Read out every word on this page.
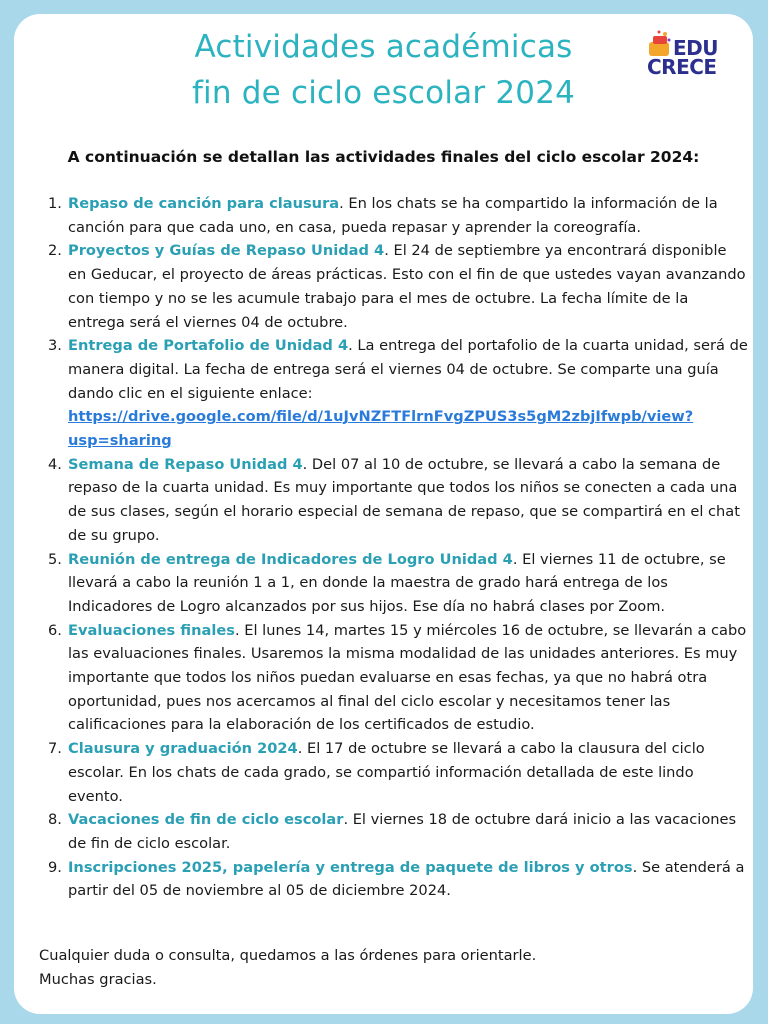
Actividades académicas
fin de ciclo escolar 2024
EDU
CRECE
A continuación se detallan las actividades finales del ciclo escolar 2024:
1. Repaso de canción para clausura. En los chats se ha compartido la información de la canción para que cada uno, en casa, pueda repasar y aprender la coreografía.
2. Proyectos y Guías de Repaso Unidad 4. El 24 de septiembre ya encontrará disponible en Geducar, el proyecto de áreas prácticas. Esto con el fin de que ustedes vayan avanzando con tiempo y no se les acumule trabajo para el mes de octubre. La fecha límite de la entrega será el viernes 04 de octubre.
3. Entrega de Portafolio de Unidad 4. La entrega del portafolio de la cuarta unidad, será de manera digital. La fecha de entrega será el viernes 04 de octubre. Se comparte una guía dando clic en el siguiente enlace:
https://drive.google.com/file/d/1uJvNZFTFlrnFvgZPUS3s5gM2zbjIfwpb/view?
usp=sharing
4. Semana de Repaso Unidad 4. Del 07 al 10 de octubre, se llevará a cabo la semana de repaso de la cuarta unidad. Es muy importante que todos los niños se conecten a cada una de sus clases, según el horario especial de semana de repaso, que se compartirá en el chat de su grupo.
5. Reunión de entrega de Indicadores de Logro Unidad 4. El viernes 11 de octubre, se llevará a cabo la reunión 1 a 1, en donde la maestra de grado hará entrega de los Indicadores de Logro alcanzados por sus hijos. Ese día no habrá clases por Zoom.
6. Evaluaciones finales. El lunes 14, martes 15 y miércoles 16 de octubre, se llevarán a cabo las evaluaciones finales. Usaremos la misma modalidad de las unidades anteriores. Es muy importante que todos los niños puedan evaluarse en esas fechas, ya que no habrá otra oportunidad, pues nos acercamos al final del ciclo escolar y necesitamos tener las calificaciones para la elaboración de los certificados de estudio.
7. Clausura y graduación 2024. El 17 de octubre se llevará a cabo la clausura del ciclo escolar. En los chats de cada grado, se compartió información detallada de este lindo evento.
8. Vacaciones de fin de ciclo escolar. El viernes 18 de octubre dará inicio a las vacaciones de fin de ciclo escolar.
9. Inscripciones 2025, papelería y entrega de paquete de libros y otros. Se atenderá a partir del 05 de noviembre al 05 de diciembre 2024.
Cualquier duda o consulta, quedamos a las órdenes para orientarle.
Muchas gracias.
